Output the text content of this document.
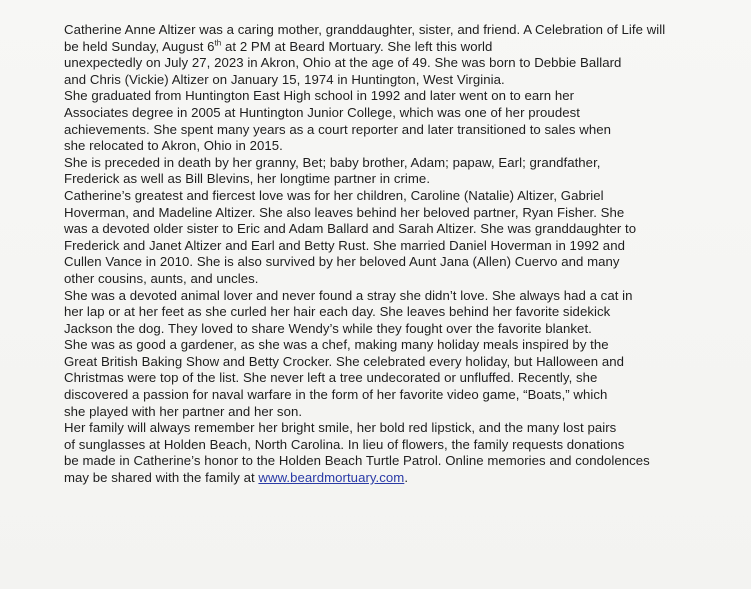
Catherine Anne Altizer was a caring mother, granddaughter, sister, and friend. A Celebration of Life will
be held Sunday, August 6th at 2 PM at Beard Mortuary. She left this world
unexpectedly on July 27, 2023 in Akron, Ohio at the age of 49. She was born to Debbie Ballard
and Chris (Vickie) Altizer on January 15, 1974 in Huntington, West Virginia.
She graduated from Huntington East High school in 1992 and later went on to earn her
Associates degree in 2005 at Huntington Junior College, which was one of her proudest
achievements. She spent many years as a court reporter and later transitioned to sales when
she relocated to Akron, Ohio in 2015.
She is preceded in death by her granny, Bet; baby brother, Adam; papaw, Earl; grandfather,
Frederick as well as Bill Blevins, her longtime partner in crime.
Catherine’s greatest and fiercest love was for her children, Caroline (Natalie) Altizer, Gabriel
Hoverman, and Madeline Altizer. She also leaves behind her beloved partner, Ryan Fisher. She
was a devoted older sister to Eric and Adam Ballard and Sarah Altizer. She was granddaughter to
Frederick and Janet Altizer and Earl and Betty Rust. She married Daniel Hoverman in 1992 and
Cullen Vance in 2010. She is also survived by her beloved Aunt Jana (Allen) Cuervo and many
other cousins, aunts, and uncles.
She was a devoted animal lover and never found a stray she didn’t love. She always had a cat in
her lap or at her feet as she curled her hair each day. She leaves behind her favorite sidekick
Jackson the dog. They loved to share Wendy’s while they fought over the favorite blanket.
She was as good a gardener, as she was a chef, making many holiday meals inspired by the
Great British Baking Show and Betty Crocker. She celebrated every holiday, but Halloween and
Christmas were top of the list. She never left a tree undecorated or unfluffed. Recently, she
discovered a passion for naval warfare in the form of her favorite video game, “Boats,” which
she played with her partner and her son.
Her family will always remember her bright smile, her bold red lipstick, and the many lost pairs
of sunglasses at Holden Beach, North Carolina. In lieu of flowers, the family requests donations
be made in Catherine’s honor to the Holden Beach Turtle Patrol. Online memories and condolences
may be shared with the family at www.beardmortuary.com.
